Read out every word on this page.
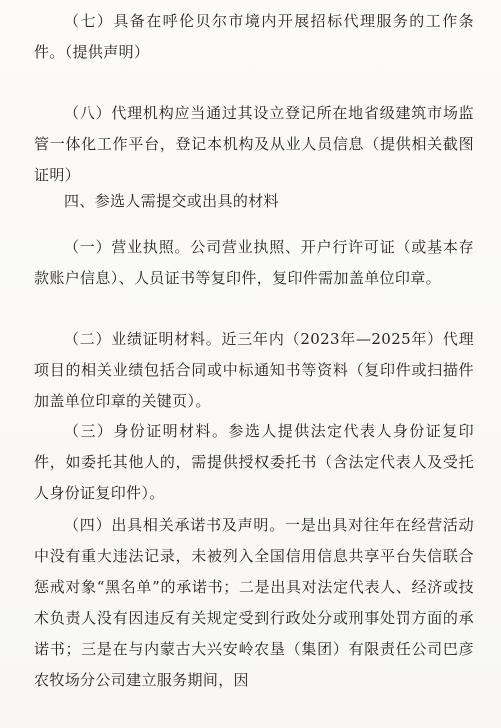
（七）具备在呼伦贝尔市境内开展招标代理服务的工作条件。（提供声明）

（八）代理机构应当通过其设立登记所在地省级建筑市场监管一体化工作平台，登记本机构及从业人员信息（提供相关截图证明）

四、参选人需提交或出具的材料

（一）营业执照。公司营业执照、开户行许可证（或基本存款账户信息）、人员证书等复印件，复印件需加盖单位印章。

（二）业绩证明材料。近三年内（2023年—2025年）代理项目的相关业绩包括合同或中标通知书等资料（复印件或扫描件加盖单位印章的关键页）。

（三）身份证明材料。参选人提供法定代表人身份证复印件，如委托其他人的，需提供授权委托书（含法定代表人及受托人身份证复印件）。

（四）出具相关承诺书及声明。一是出具对往年在经营活动中没有重大违法记录，未被列入全国信用信息共享平台失信联合惩戒对象“黑名单”的承诺书；二是出具对法定代表人、经济或技术负责人没有因违反有关规定受到行政处分或刑事处罚方面的承诺书；三是在与内蒙古大兴安岭农垦（集团）有限责任公司巴彦农牧场分公司建立服务期间，因
